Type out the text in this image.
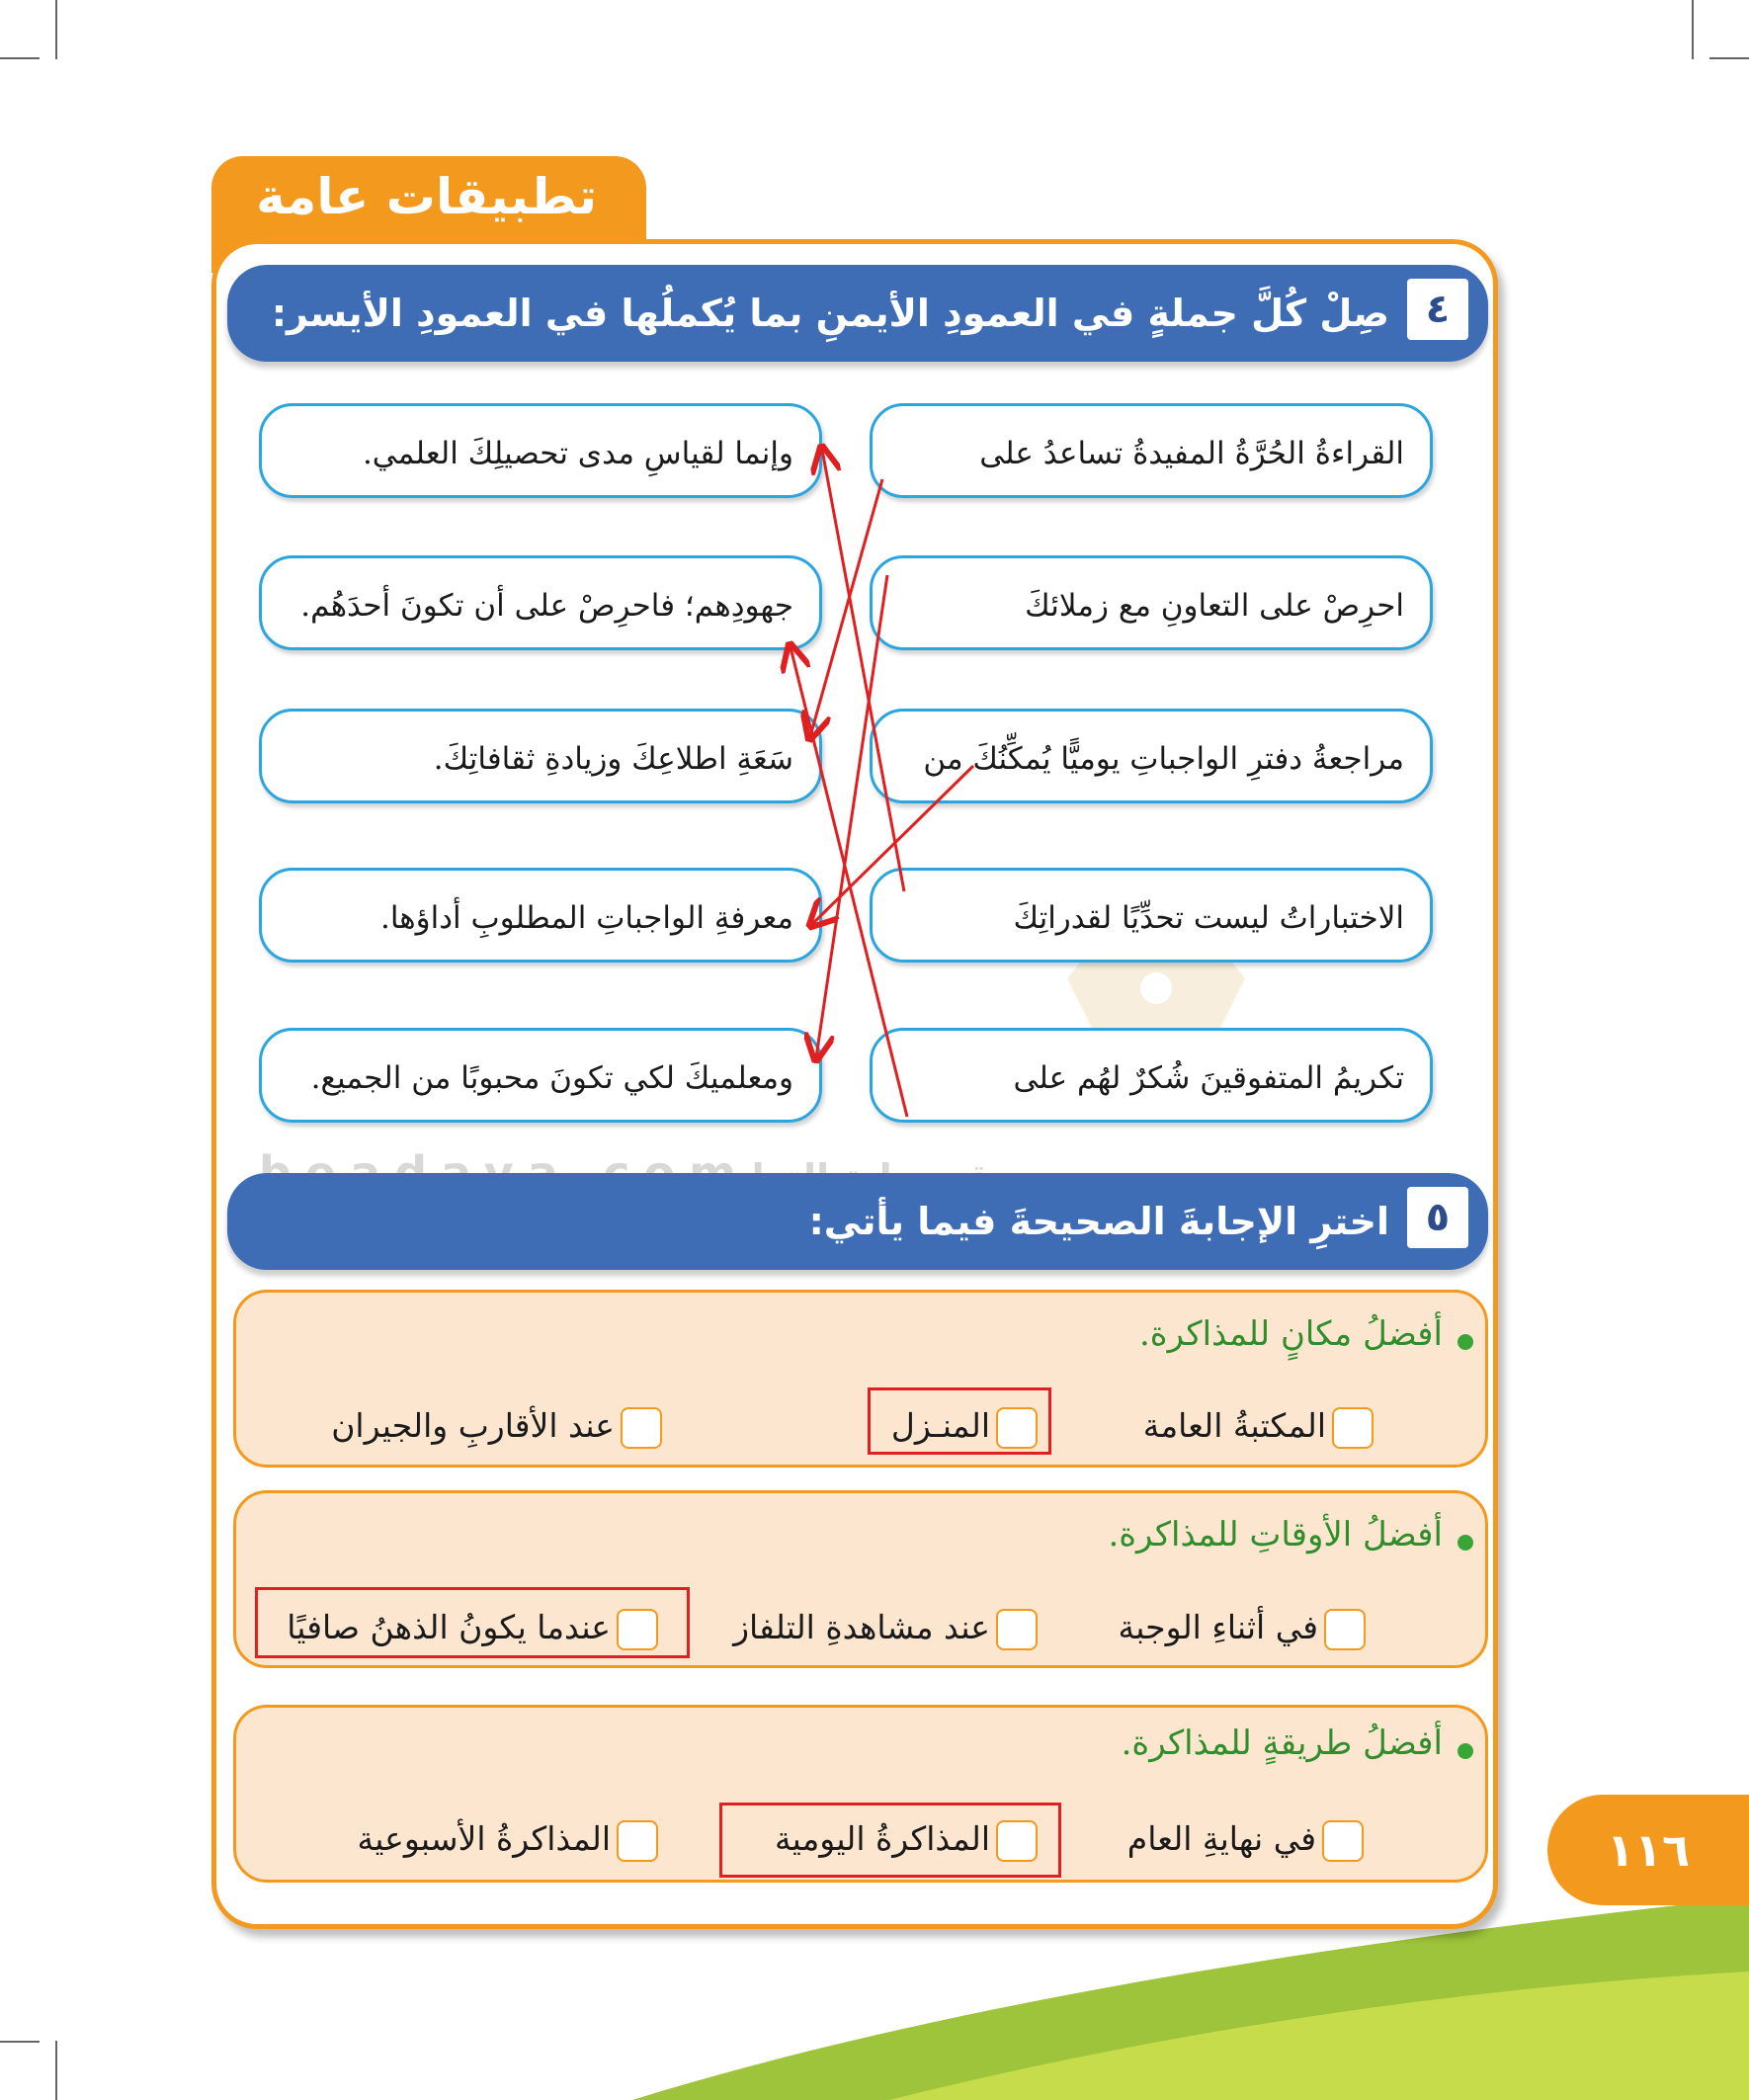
تطبيقات عامة
٤
صِلْ كُلَّ جملةٍ في العمودِ الأيمنِ بما يُكملُها في العمودِ الأيسر:
القراءةُ الحُرَّةُ المفيدةُ تساعدُ على
احرِصْ على التعاونِ مع زملائكَ
مراجعةُ دفترِ الواجباتِ يوميًّا يُمكِّنُكَ من
الاختباراتُ ليست تحدِّيًا لقدراتِكَ
تكريمُ المتفوقينَ شُكرٌ لهُم على
وإنما لقياسِ مدى تحصيلِكَ العلمي.
جهودِهم؛ فاحرِصْ على أن تكونَ أحدَهُم.
سَعَةِ اطلاعِكَ وزيادةِ ثقافاتِكَ.
معرفةِ الواجباتِ المطلوبِ أداؤها.
ومعلميكَ لكي تكونَ محبوبًا من الجميع.
٥
اخترِ الإجابةَ الصحيحةَ فيما يأتي:
أفضلُ مكانٍ للمذاكرة.
المكتبةُ العامة
المنـزل
عند الأقاربِ والجيران
أفضلُ الأوقاتِ للمذاكرة.
في أثناءِ الوجبة
عند مشاهدةِ التلفاز
عندما يكونُ الذهنُ صافيًا
أفضلُ طريقةٍ للمذاكرة.
في نهايةِ العام
المذاكرةُ اليومية
المذاكرةُ الأسبوعية	١١٦
